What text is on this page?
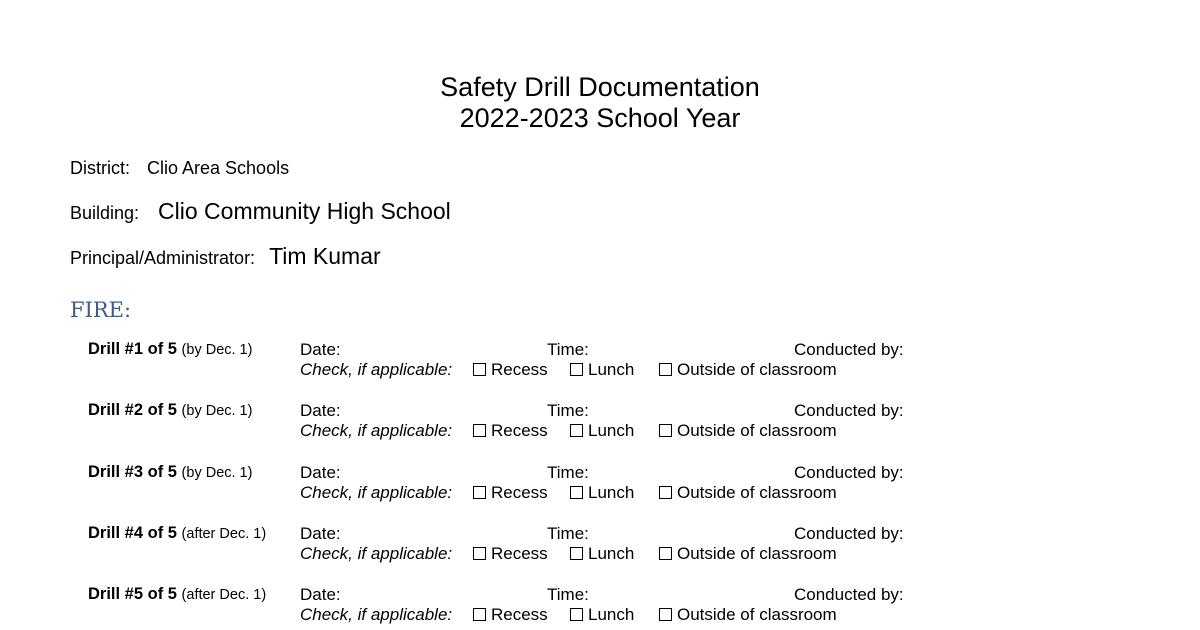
Safety Drill Documentation
2022-2023 School Year
District: Clio Area Schools
Building: Clio Community High School
Principal/Administrator: Tim Kumar
FIRE:
Drill #1 of 5 (by Dec. 1)	Date:	Time:	Conducted by:
Check, if applicable: Recess Lunch	Outside of classroom
Drill #2 of 5 (by Dec. 1)	Date:	Time:	Conducted by:
Check, if applicable: Recess Lunch	Outside of classroom
Drill #3 of 5 (by Dec. 1)	Date:	Time:	Conducted by:
Check, if applicable: Recess Lunch	Outside of classroom
Drill #4 of 5 (after Dec. 1) Date:	Time:	Conducted by:
Check, if applicable: Recess Lunch	Outside of classroom
Drill #5 of 5 (after Dec. 1) Date:	Time:	Conducted by:
Check, if applicable: Recess Lunch	Outside of classroom
